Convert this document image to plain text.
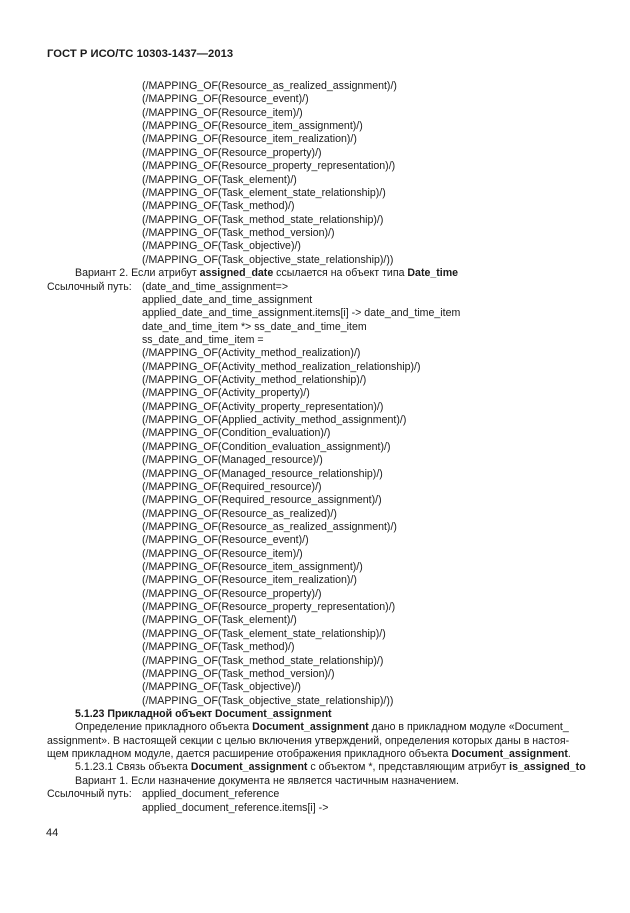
ГОСТ Р ИСО/ТС 10303-1437—2013
(/MAPPING_OF(Resource_as_realized_assignment)/)
(/MAPPING_OF(Resource_event)/)
(/MAPPING_OF(Resource_item)/)
(/MAPPING_OF(Resource_item_assignment)/)
(/MAPPING_OF(Resource_item_realization)/)
(/MAPPING_OF(Resource_property)/)
(/MAPPING_OF(Resource_property_representation)/)
(/MAPPING_OF(Task_element)/)
(/MAPPING_OF(Task_element_state_relationship)/)
(/MAPPING_OF(Task_method)/)
(/MAPPING_OF(Task_method_state_relationship)/)
(/MAPPING_OF(Task_method_version)/)
(/MAPPING_OF(Task_objective)/)
(/MAPPING_OF(Task_objective_state_relationship)/))
Вариант 2. Если атрибут assigned_date ссылается на объект типа Date_time
Ссылочный путь: (date_and_time_assignment=>
applied_date_and_time_assignment
applied_date_and_time_assignment.items[i] -> date_and_time_item
date_and_time_item *> ss_date_and_time_item
ss_date_and_time_item =
(/MAPPING_OF(Activity_method_realization)/)
(/MAPPING_OF(Activity_method_realization_relationship)/)
(/MAPPING_OF(Activity_method_relationship)/)
(/MAPPING_OF(Activity_property)/)
(/MAPPING_OF(Activity_property_representation)/)
(/MAPPING_OF(Applied_activity_method_assignment)/)
(/MAPPING_OF(Condition_evaluation)/)
(/MAPPING_OF(Condition_evaluation_assignment)/)
(/MAPPING_OF(Managed_resource)/)
(/MAPPING_OF(Managed_resource_relationship)/)
(/MAPPING_OF(Required_resource)/)
(/MAPPING_OF(Required_resource_assignment)/)
(/MAPPING_OF(Resource_as_realized)/)
(/MAPPING_OF(Resource_as_realized_assignment)/)
(/MAPPING_OF(Resource_event)/)
(/MAPPING_OF(Resource_item)/)
(/MAPPING_OF(Resource_item_assignment)/)
(/MAPPING_OF(Resource_item_realization)/)
(/MAPPING_OF(Resource_property)/)
(/MAPPING_OF(Resource_property_representation)/)
(/MAPPING_OF(Task_element)/)
(/MAPPING_OF(Task_element_state_relationship)/)
(/MAPPING_OF(Task_method)/)
(/MAPPING_OF(Task_method_state_relationship)/)
(/MAPPING_OF(Task_method_version)/)
(/MAPPING_OF(Task_objective)/)
(/MAPPING_OF(Task_objective_state_relationship)/))
5.1.23 Прикладной объект Document_assignment
Определение прикладного объекта Document_assignment дано в прикладном модуле «Document_
assignment». В настоящей секции с целью включения утверждений, определения которых даны в настоя-
щем прикладном модуле, дается расширение отображения прикладного объекта Document_assignment.
5.1.23.1 Связь объекта Document_assignment с объектом *, представляющим атрибут is_assigned_to
Вариант 1. Если назначение документа не является частичным назначением.
Ссылочный путь: applied_document_reference
applied_document_reference.items[i] ->
44
